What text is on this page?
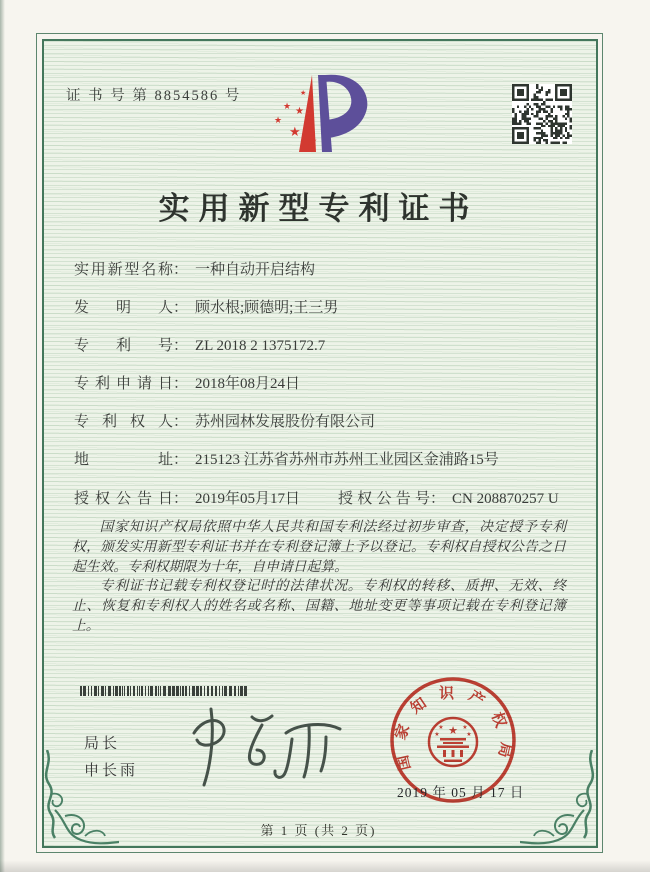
证 书 号 第 8854586 号	★
★ ★
★
★
★
实用新型专利证书
实用新型名称： 一种自动开启结构
发明人： 顾水根;顾德明;王三男
专利号： ZL 2018 2 1375172.7
专利申请日： 2018年08月24日
专利权人： 苏州园林发展股份有限公司
地址： 215123 江苏省苏州市苏州工业园区金浦路15号
授权公告日： 2019年05月17日	授权公告号： CN 208870257 U

国家知识产权局依照中华人民共和国专利法经过初步审查，决定授予专利权，颁发实用新型专利证书并在专利登记簿上予以登记。专利权自授权公告之日起生效。专利权期限为十年，自申请日起算。

专利证书记载专利权登记时的法律状况。专利权的转移、质押、无效、终止、恢复和专利权人的姓名或名称、国籍、地址变更等事项记载在专利登记簿上。

局长
申长雨	国家知识产权局
★
★	★
★	★
2019 年 05 月 17 日
第 1 页 (共 2 页)
